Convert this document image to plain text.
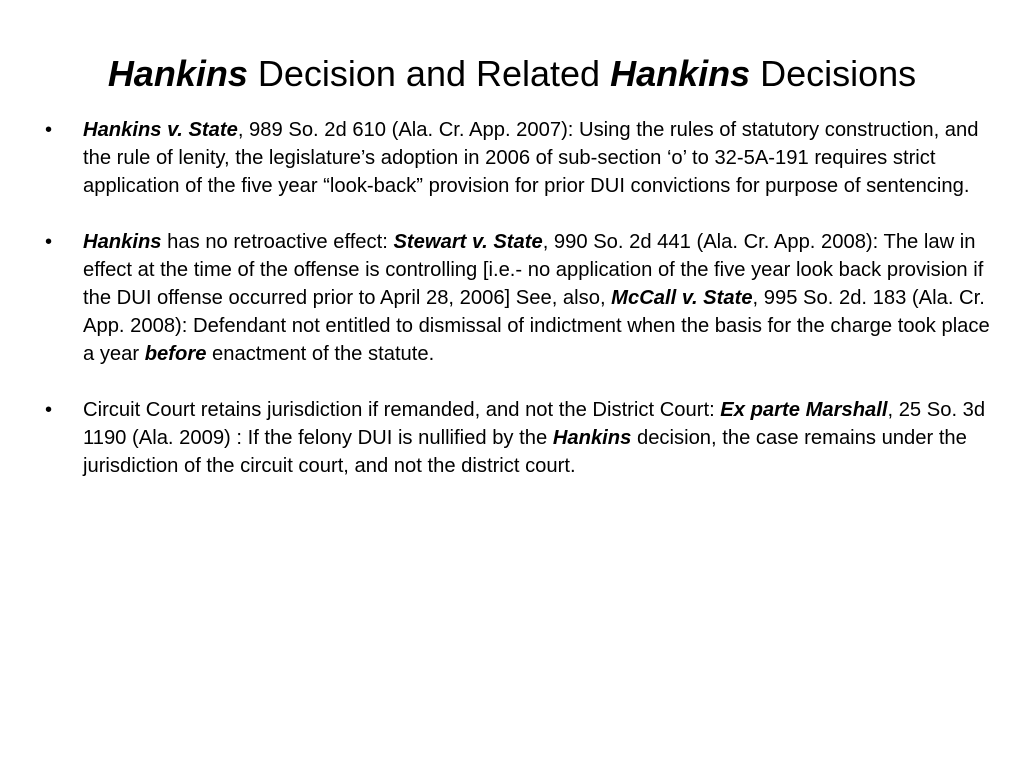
Hankins Decision and Related Hankins Decisions
• Hankins v. State, 989 So. 2d 610 (Ala. Cr. App. 2007): Using the rules of statutory construction, and the rule of lenity, the legislature’s adoption in 2006 of sub-section ‘o’ to 32-5A-191 requires strict application of the five year “look-back” provision for prior DUI convictions for purpose of sentencing.
• Hankins has no retroactive effect: Stewart v. State, 990 So. 2d 441 (Ala. Cr. App. 2008): The law in effect at the time of the offense is controlling [i.e.- no application of the five year look back provision if the DUI offense occurred prior to April 28, 2006] See, also, McCall v. State, 995 So. 2d. 183 (Ala. Cr. App. 2008): Defendant not entitled to dismissal of indictment when the basis for the charge took place a year before enactment of the statute.
• Circuit Court retains jurisdiction if remanded, and not the District Court: Ex parte Marshall, 25 So. 3d 1190 (Ala. 2009) : If the felony DUI is nullified by the Hankins decision, the case remains under the jurisdiction of the circuit court, and not the district court.
